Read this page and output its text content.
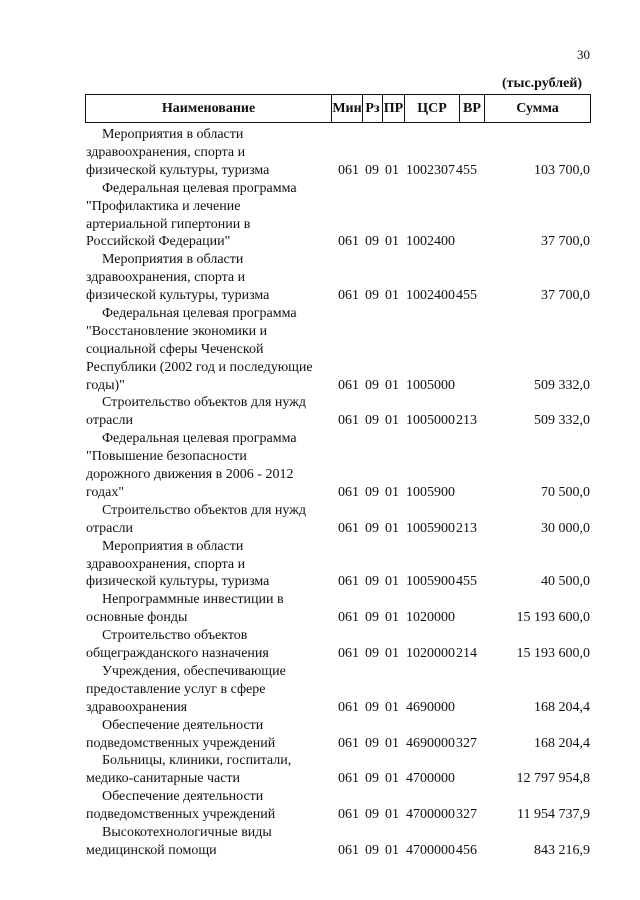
30
(тыс.рублей)
Наименование	Мин Рз ПР	ЦСР	ВР	Сумма
Мероприятия в области
здравоохранения, спорта и
физической культуры, туризма	061 09 01 1002307 455	103 700,0
Федеральная целевая программа
"Профилактика и лечение
артериальной гипертонии в
Российской Федерации"	061 09 01 1002400	37 700,0
Мероприятия в области
здравоохранения, спорта и
физической культуры, туризма	061 09 01 1002400 455	37 700,0
Федеральная целевая программа
"Восстановление экономики и
социальной сферы Чеченской
Республики (2002 год и последующие
годы)"	061 09 01 1005000	509 332,0
Строительство объектов для нужд
отрасли	061 09 01 1005000 213	509 332,0
Федеральная целевая программа
"Повышение безопасности
дорожного движения в 2006 - 2012
годах"	061 09 01 1005900	70 500,0
Строительство объектов для нужд
отрасли	061 09 01 1005900 213	30 000,0
Мероприятия в области
здравоохранения, спорта и
физической культуры, туризма	061 09 01 1005900 455	40 500,0
Непрограммные инвестиции в
основные фонды	061 09 01 1020000	15 193 600,0
Строительство объектов
общегражданского назначения	061 09 01 1020000 214	15 193 600,0
Учреждения, обеспечивающие
предоставление услуг в сфере
здравоохранения	061 09 01 4690000	168 204,4
Обеспечение деятельности
подведомственных учреждений	061 09 01 4690000 327	168 204,4
Больницы, клиники, госпитали,
медико-санитарные части	061 09 01 4700000	12 797 954,8
Обеспечение деятельности
подведомственных учреждений	061 09 01 4700000 327	11 954 737,9
Высокотехнологичные виды
медицинской помощи	061 09 01 4700000 456	843 216,9
